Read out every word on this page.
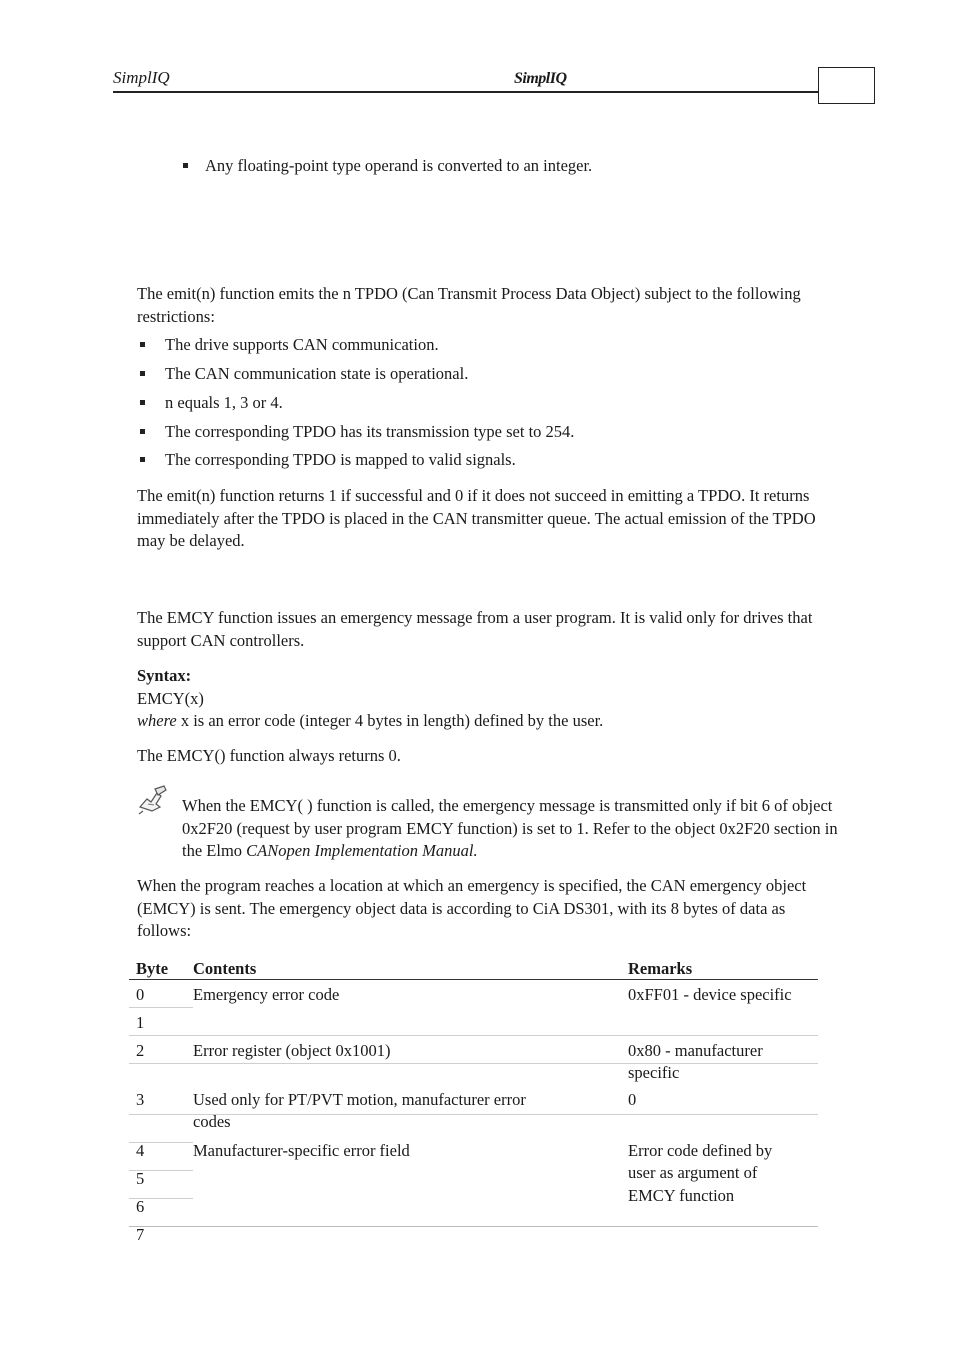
SimplIQ	SimplIQ
Any floating-point type operand is converted to an integer.
The emit(n) function emits the n TPDO (Can Transmit Process Data Object) subject to the following restrictions:
The drive supports CAN communication.
The CAN communication state is operational.
n equals 1, 3 or 4.
The corresponding TPDO has its transmission type set to 254.
The corresponding TPDO is mapped to valid signals.
The emit(n) function returns 1 if successful and 0 if it does not succeed in emitting a TPDO. It returns immediately after the TPDO is placed in the CAN transmitter queue. The actual emission of the TPDO may be delayed.
The EMCY function issues an emergency message from a user program. It is valid only for drives that support CAN controllers.
Syntax:
EMCY(x)
where x is an error code (integer 4 bytes in length) defined by the user.
The EMCY() function always returns 0.
When the EMCY( ) function is called, the emergency message is transmitted only if bit 6 of object 0x2F20 (request by user program EMCY function) is set to 1. Refer to the object 0x2F20 section in the Elmo CANopen Implementation Manual.
When the program reaches a location at which an emergency is specified, the CAN emergency object (EMCY) is sent. The emergency object data is according to CiA DS301, with its 8 bytes of data as follows:
Byte	Contents	Remarks
0	Emergency error code	0xFF01 - device specific
1		
2	Error register (object 0x1001)	0x80 - manufacturer specific
3	Used only for PT/PVT motion, manufacturer error codes	0
4	Manufacturer-specific error field	Error code defined by user as argument of EMCY function
5		
6		
7		
